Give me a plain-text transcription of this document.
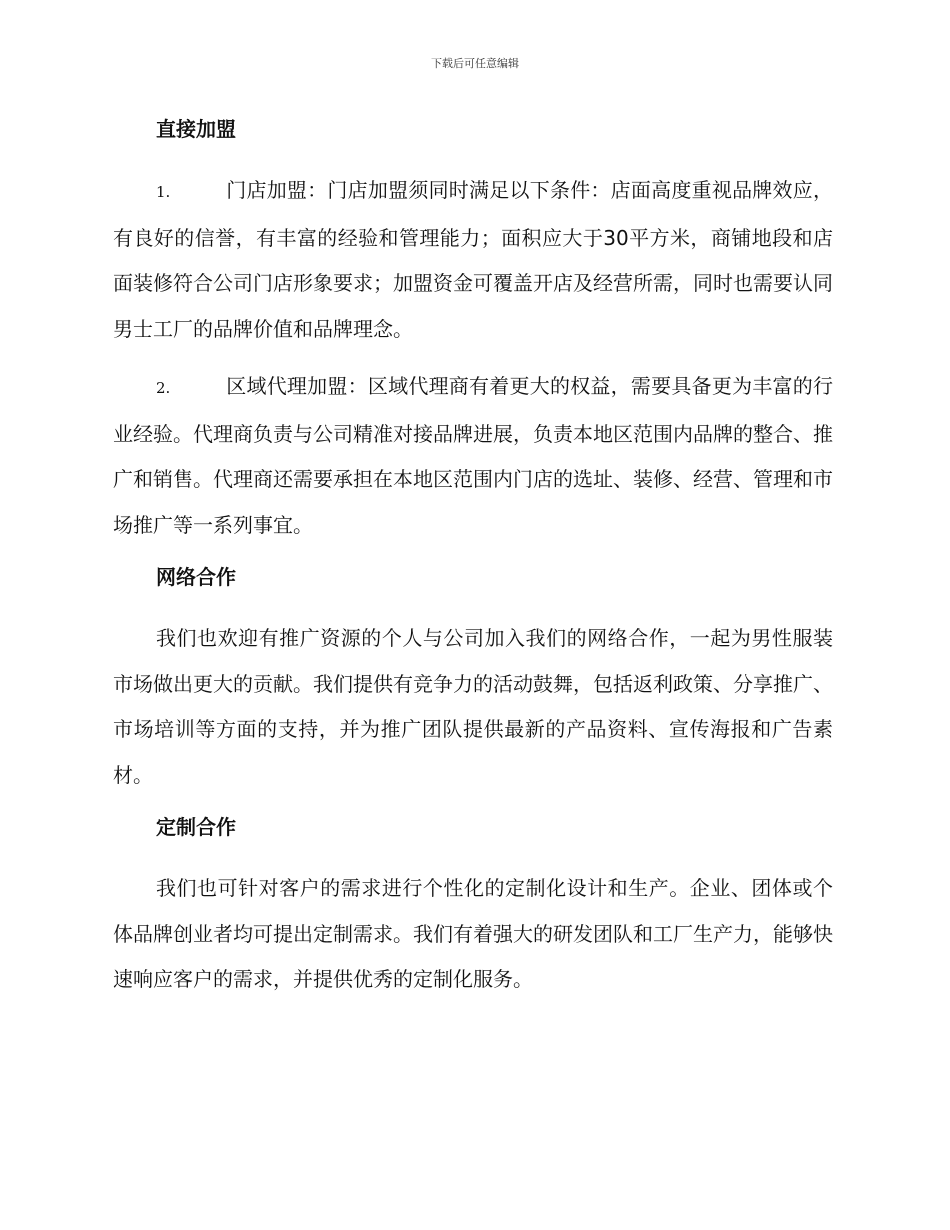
下载后可任意编辑
直接加盟

1.	门店加盟：门店加盟须同时满足以下条件：店面高度重视品牌效应，有良好的信誉，有丰富的经验和管理能力；面积应大于30平方米，商铺地段和店面装修符合公司门店形象要求；加盟资金可覆盖开店及经营所需，同时也需要认同男士工厂的品牌价值和品牌理念。

2.	区域代理加盟：区域代理商有着更大的权益，需要具备更为丰富的行业经验。代理商负责与公司精准对接品牌进展，负责本地区范围内品牌的整合、推广和销售。代理商还需要承担在本地区范围内门店的选址、装修、经营、管理和市场推广等一系列事宜。

网络合作

我们也欢迎有推广资源的个人与公司加入我们的网络合作，一起为男性服装市场做出更大的贡献。我们提供有竞争力的活动鼓舞，包括返利政策、分享推广、市场培训等方面的支持，并为推广团队提供最新的产品资料、宣传海报和广告素材。

定制合作

我们也可针对客户的需求进行个性化的定制化设计和生产。企业、团体或个体品牌创业者均可提出定制需求。我们有着强大的研发团队和工厂生产力，能够快速响应客户的需求，并提供优秀的定制化服务。
